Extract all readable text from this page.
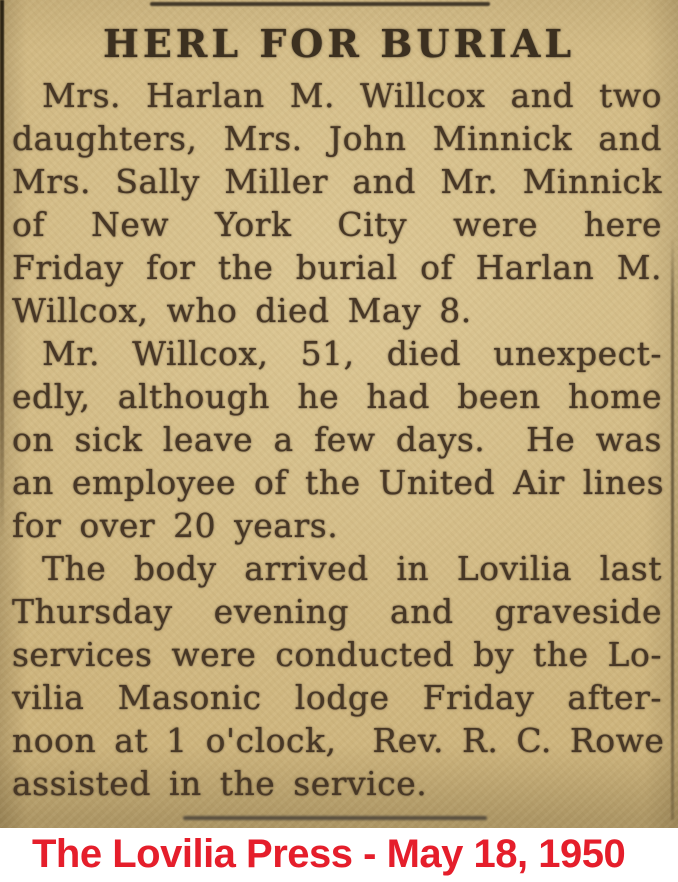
HERL FOR BURIAL
Mrs. Harlan M. Willcox and two
daughters, Mrs. John Minnick and
Mrs. Sally Miller and Mr. Minnick
of New York City were here
Friday for the burial of Harlan M.
Willcox, who died May 8.
Mr. Willcox, 51, died unexpect-
edly, although he had been home
on sick leave a few days.  He was
an employee of the United Air lines
for over 20 years.
The body arrived in Lovilia last
Thursday evening and graveside
services were conducted by the Lo-
vilia Masonic lodge Friday after-
noon at 1 o'clock,  Rev. R. C. Rowe
assisted in the service.
The Lovilia Press - May 18, 1950
